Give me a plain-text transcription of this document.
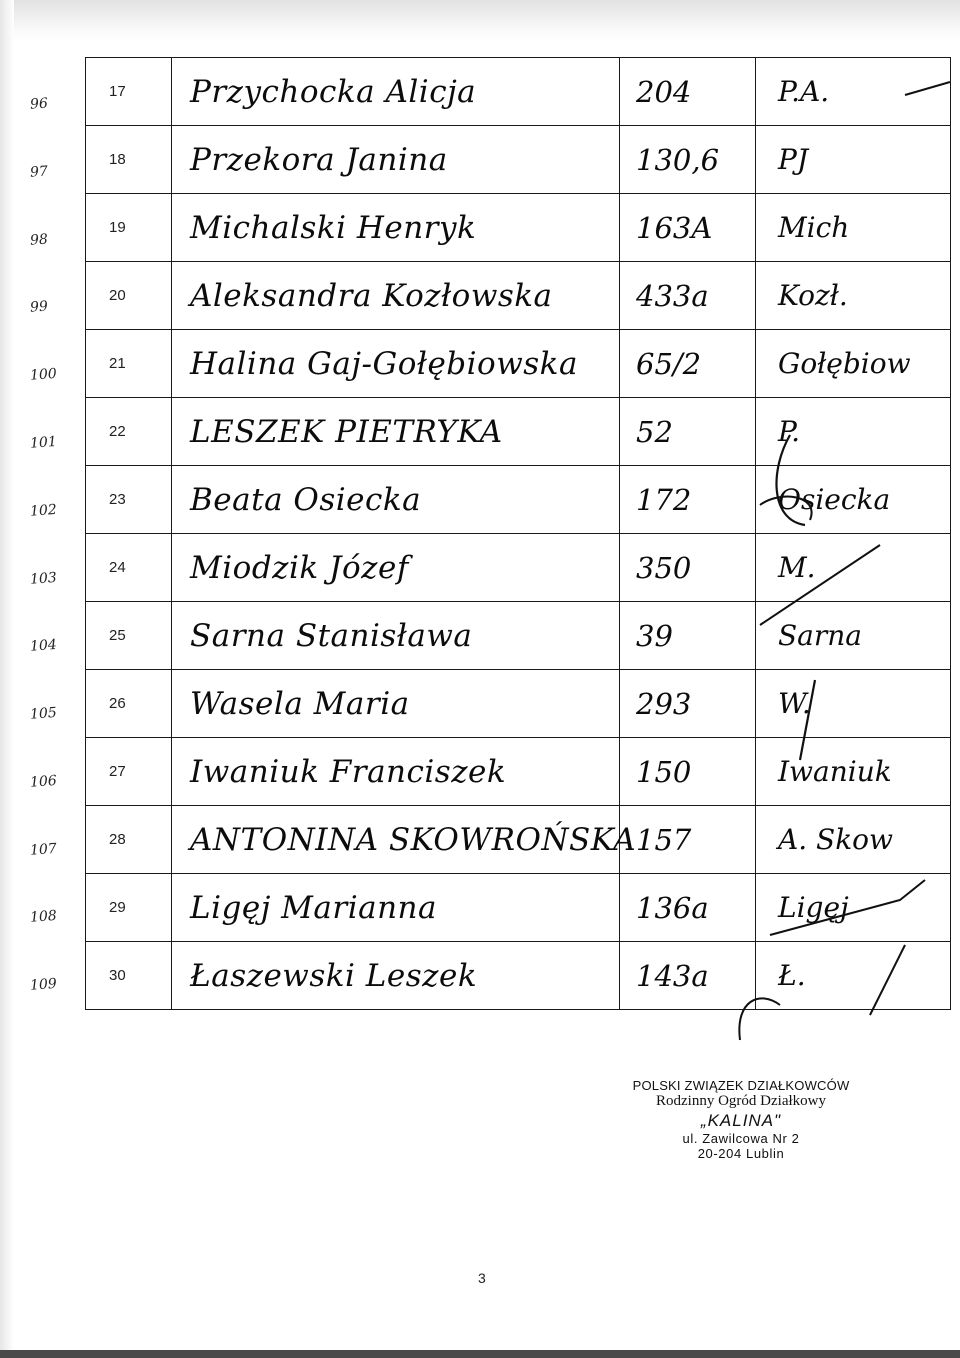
96
97
98
99
100
101
102
103
104
105
106
107
108
109
17	Przychocka Alicja	204	P.A.

18	Przekora Janina	130,6	PJ

19	Michalski Henryk	163A	Mich

20	Aleksandra Kozłowska	433a	Kozł.

21	Halina Gaj-Gołębiowska	65/2	Gołębiow

22	LESZEK PIETRYKA	52	P.

23	Beata Osiecka	172	Osiecka

24	Miodzik Józef	350	M.

25	Sarna Stanisława	39	Sarna

26	Wasela Maria	293	W.

27	Iwaniuk Franciszek	150	Iwaniuk

28	ANTONINA SKOWROŃSKA	157	A. Skow

29	Ligęj Marianna	136a	Ligęj

30	Łaszewski Leszek	143a	Ł.
POLSKI ZWIĄZEK DZIAŁKOWCÓW
Rodzinny Ogród Działkowy
„KALINA"
ul. Zawilcowa Nr 2
20-204 Lublin
3
